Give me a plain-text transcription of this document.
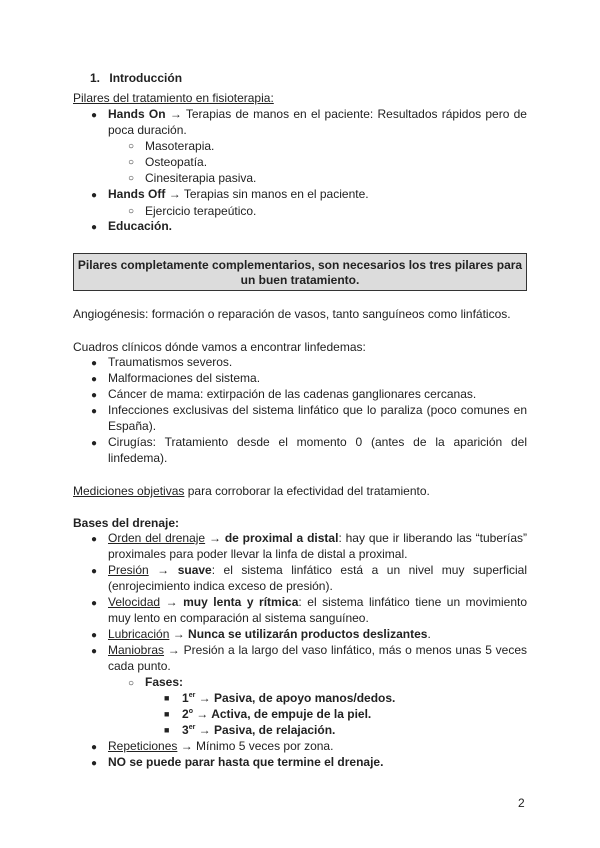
1. Introducción
Pilares del tratamiento en fisioterapia:
● Hands On → Terapias de manos en el paciente: Resultados rápidos pero de poca duración.
○ Masoterapia.
○ Osteopatía.
○ Cinesiterapia pasiva.
● Hands Off → Terapias sin manos en el paciente.
○ Ejercicio terapeútico.
● Educación.
Pilares completamente complementarios, son necesarios los tres pilares para un buen tratamiento.
Angiogénesis: formación o reparación de vasos, tanto sanguíneos como linfáticos.
Cuadros clínicos dónde vamos a encontrar linfedemas:
● Traumatismos severos.
● Malformaciones del sistema.
● Cáncer de mama: extirpación de las cadenas ganglionares cercanas.
● Infecciones exclusivas del sistema linfático que lo paraliza (poco comunes en España).
● Cirugías: Tratamiento desde el momento 0 (antes de la aparición del linfedema).
Mediciones objetivas para corroborar la efectividad del tratamiento.
Bases del drenaje:
● Orden del drenaje → de proximal a distal: hay que ir liberando las “tuberías” proximales para poder llevar la linfa de distal a proximal.
● Presión → suave: el sistema linfático está a un nivel muy superficial (enrojecimiento indica exceso de presión).
● Velocidad → muy lenta y rítmica: el sistema linfático tiene un movimiento muy lento en comparación al sistema sanguíneo.
● Lubricación → Nunca se utilizarán productos deslizantes.
● Maniobras → Presión a la largo del vaso linfático, más o menos unas 5 veces cada punto.
○ Fases:
■ 1er → Pasiva, de apoyo manos/dedos.
■ $2^o$ → Activa, de empuje de la piel.
■ 3er → Pasiva, de relajación.
● Repeticiones → Mínimo 5 veces por zona.
● NO se puede parar hasta que termine el drenaje.
2
